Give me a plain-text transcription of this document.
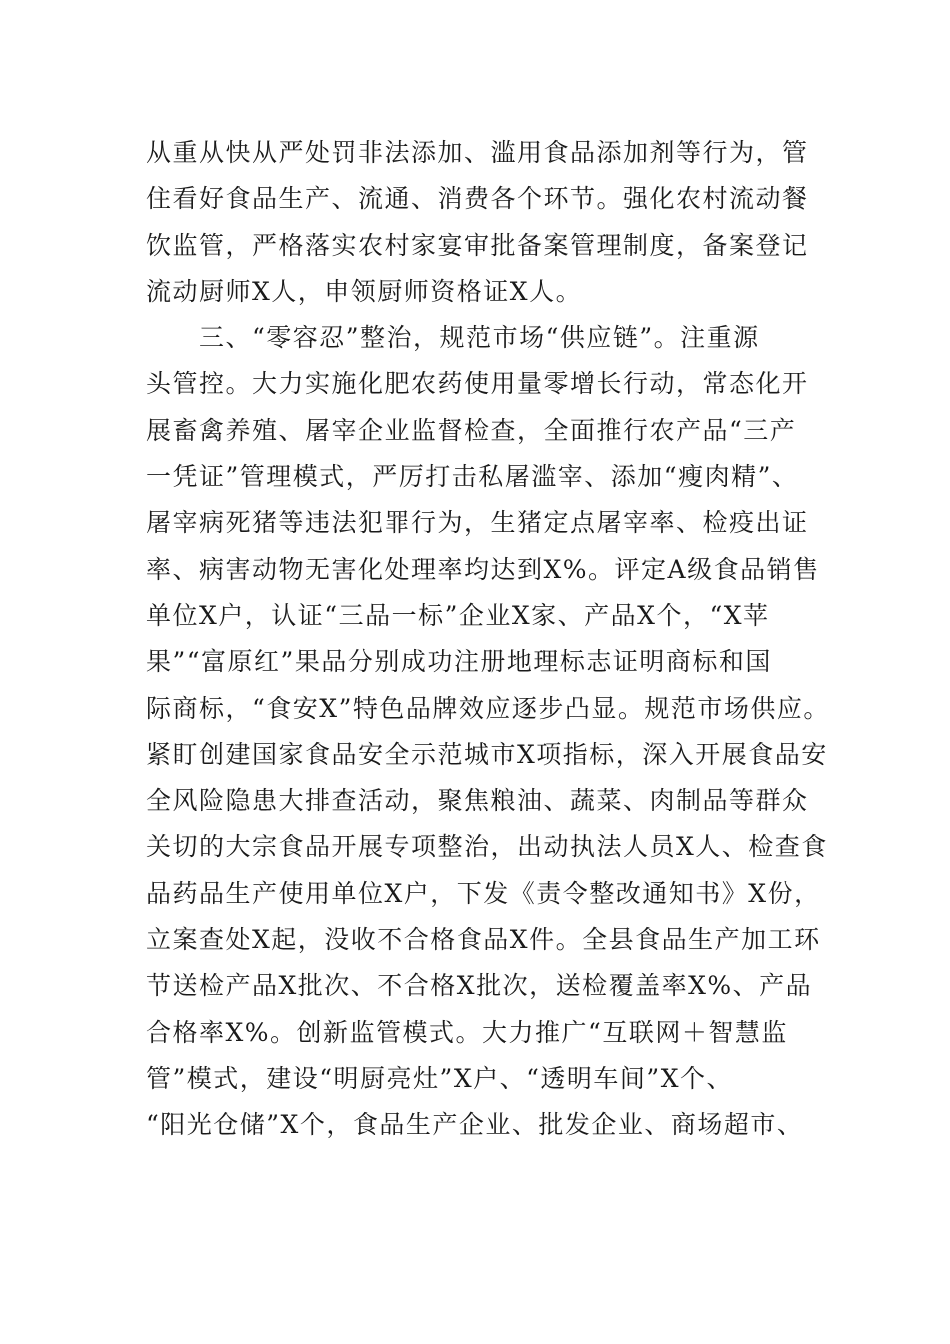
从重从快从严处罚非法添加、滥用食品添加剂等行为，管
住看好食品生产、流通、消费各个环节。强化农村流动餐
饮监管，严格落实农村家宴审批备案管理制度，备案登记
流动厨师X人，申领厨师资格证X人。
　　三、“零容忍”整治，规范市场“供应链”。注重源
头管控。大力实施化肥农药使用量零增长行动，常态化开
展畜禽养殖、屠宰企业监督检查，全面推行农产品“三产
一凭证”管理模式，严厉打击私屠滥宰、添加“瘦肉精”、
屠宰病死猪等违法犯罪行为，生猪定点屠宰率、检疫出证
率、病害动物无害化处理率均达到X%。评定A级食品销售
单位X户，认证“三品一标”企业X家、产品X个，“X苹
果”“富原红”果品分别成功注册地理标志证明商标和国
际商标，“食安X”特色品牌效应逐步凸显。规范市场供应。
紧盯创建国家食品安全示范城市X项指标，深入开展食品安
全风险隐患大排查活动，聚焦粮油、蔬菜、肉制品等群众
关切的大宗食品开展专项整治，出动执法人员X人、检查食
品药品生产使用单位X户，下发《责令整改通知书》X份，
立案查处X起，没收不合格食品X件。全县食品生产加工环
节送检产品X批次、不合格X批次，送检覆盖率X%、产品
合格率X%。创新监管模式。大力推广“互联网＋智慧监
管”模式，建设“明厨亮灶”X户、“透明车间”X个、
“阳光仓储”X个，食品生产企业、批发企业、商场超市、
